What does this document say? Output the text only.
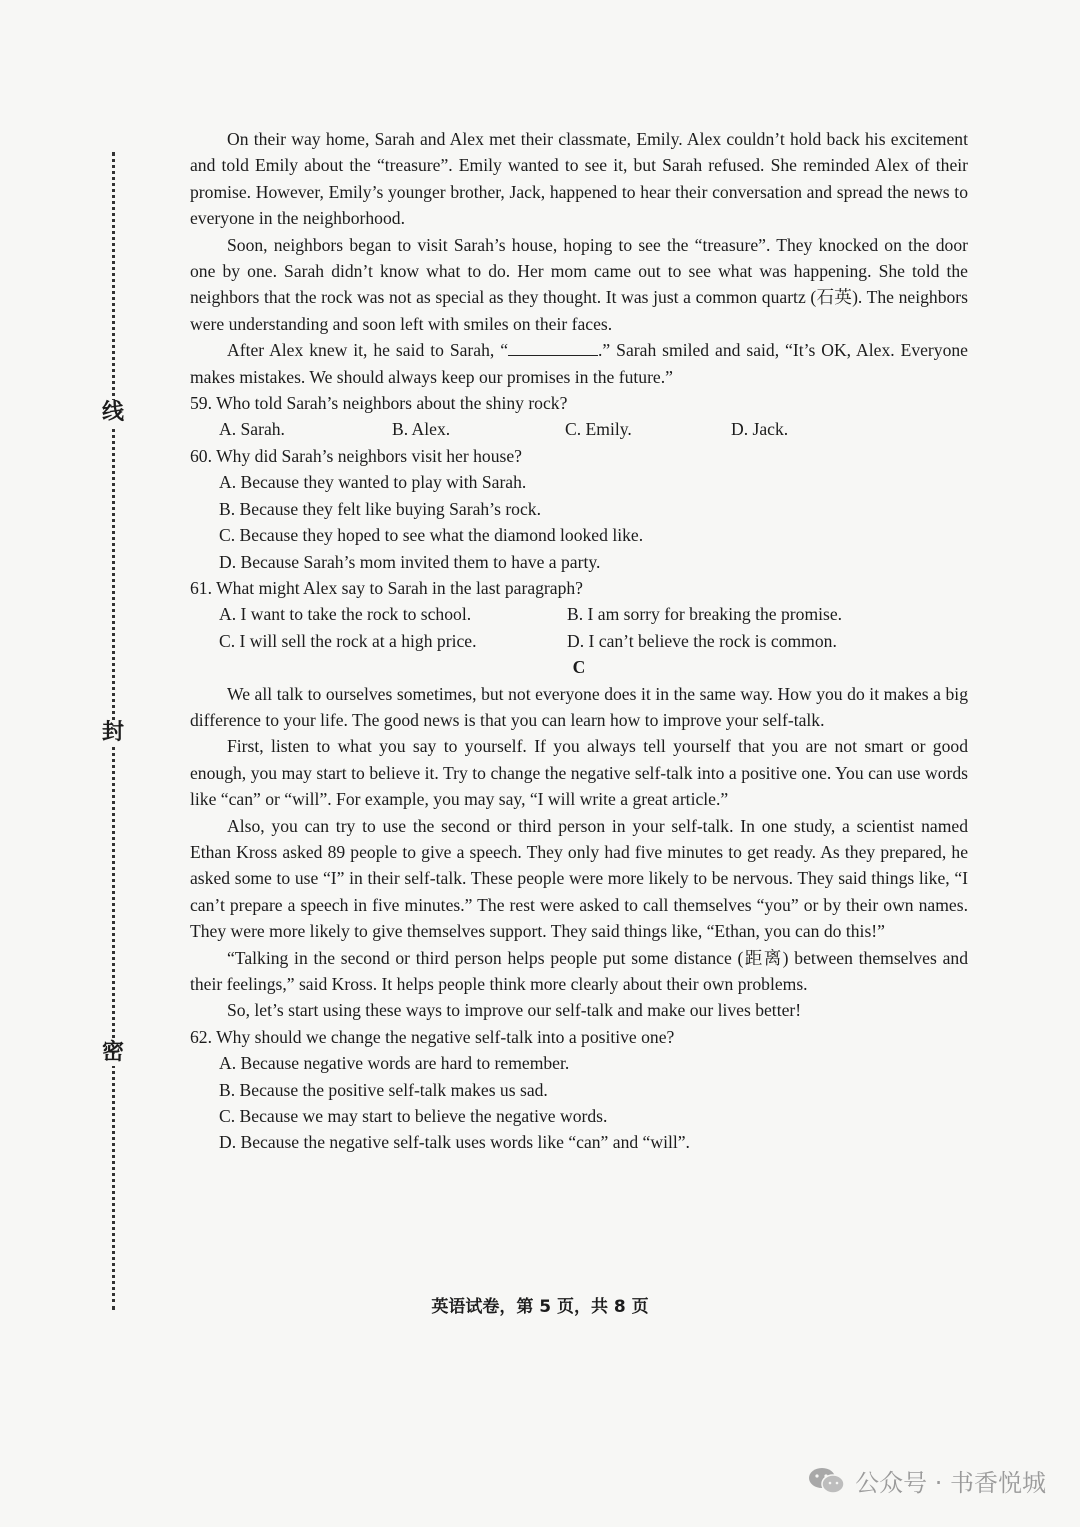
线
封
密

On their way home, Sarah and Alex met their classmate, Emily. Alex couldn’t hold back his excitement and told Emily about the “treasure”. Emily wanted to see it, but Sarah refused. She reminded Alex of their promise. However, Emily’s younger brother, Jack, happened to hear their conversation and spread the news to everyone in the neighborhood.

Soon, neighbors began to visit Sarah’s house, hoping to see the “treasure”. They knocked on the door one by one. Sarah didn’t know what to do. Her mom came out to see what was happening. She told the neighbors that the rock was not as special as they thought. It was just a common quartz (石英). The neighbors were understanding and soon left with smiles on their faces.

After Alex knew it, he said to Sarah, “	.” Sarah smiled and said, “It’s OK, Alex. Everyone makes mistakes. We should always keep our promises in the future.”

59. Who told Sarah’s neighbors about the shiny rock?

A. Sarah.	B. Alex.	C. Emily.	D. Jack.

60. Why did Sarah’s neighbors visit her house?

A. Because they wanted to play with Sarah.

B. Because they felt like buying Sarah’s rock.

C. Because they hoped to see what the diamond looked like.

D. Because Sarah’s mom invited them to have a party.

61. What might Alex say to Sarah in the last paragraph?

A. I want to take the rock to school.	B. I am sorry for breaking the promise.
C. I will sell the rock at a high price.	D. I can’t believe the rock is common.

C

We all talk to ourselves sometimes, but not everyone does it in the same way. How you do it makes a big difference to your life. The good news is that you can learn how to improve your self-talk.

First, listen to what you say to yourself. If you always tell yourself that you are not smart or good enough, you may start to believe it. Try to change the negative self-talk into a positive one. You can use words like “can” or “will”. For example, you may say, “I will write a great article.”

Also, you can try to use the second or third person in your self-talk. In one study, a scientist named Ethan Kross asked 89 people to give a speech. They only had five minutes to get ready. As they prepared, he asked some to use “I” in their self-talk. These people were more likely to be nervous. They said things like, “I can’t prepare a speech in five minutes.” The rest were asked to call themselves “you” or by their own names. They were more likely to give themselves support. They said things like, “Ethan, you can do this!”

“Talking in the second or third person helps people put some distance (距离) between themselves and their feelings,” said Kross. It helps people think more clearly about their own problems.

So, let’s start using these ways to improve our self-talk and make our lives better!

62. Why should we change the negative self-talk into a positive one?

A. Because negative words are hard to remember.

B. Because the positive self-talk makes us sad.

C. Because we may start to believe the negative words.

D. Because the negative self-talk uses words like “can” and “will”.

英语试卷，第 5 页，共 8 页
公众号 · 书香悦城
